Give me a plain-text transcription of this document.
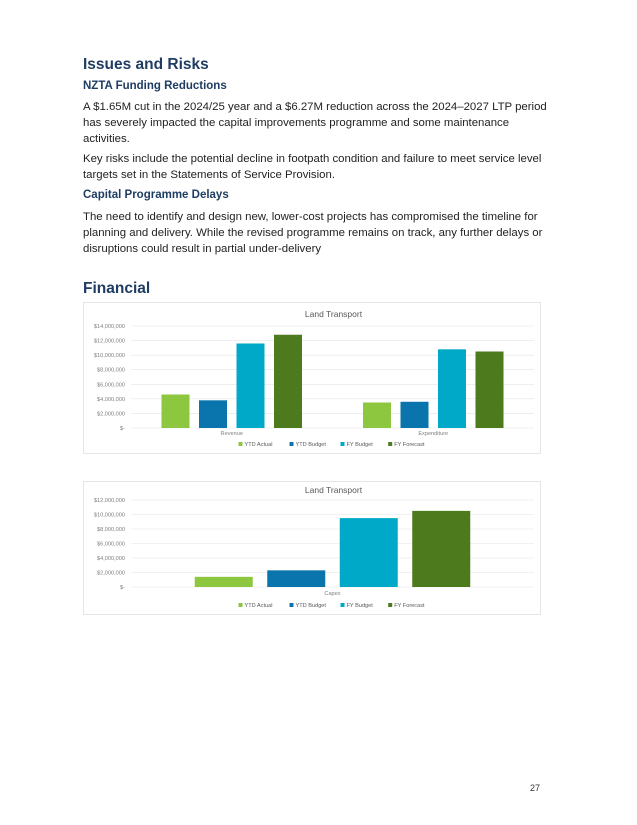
Issues and Risks
NZTA Funding Reductions

A $1.65M cut in the 2024/25 year and a $6.27M reduction across the 2024–2027 LTP period has severely impacted the capital improvements programme and some maintenance activities.

Key risks include the potential decline in footpath condition and failure to meet service level targets set in the Statements of Service Provision.

Capital Programme Delays

The need to identify and design new, lower-cost projects has compromised the timeline for planning and delivery. While the revised programme remains on track, any further delays or disruptions could result in partial under-delivery

Financial
Land Transport
$-
$2,000,000
$4,000,000
$6,000,000
$8,000,000
$10,000,000
$12,000,000
$14,000,000
Revenue	Expenditure
YTD Actual	YTD Budget	FY Budget	FY Forecast
Land Transport
$-
$2,000,000
$4,000,000
$6,000,000
$8,000,000
$10,000,000
$12,000,000
Capex
YTD Actual	YTD Budget	FY Budget	FY Forecast
27
